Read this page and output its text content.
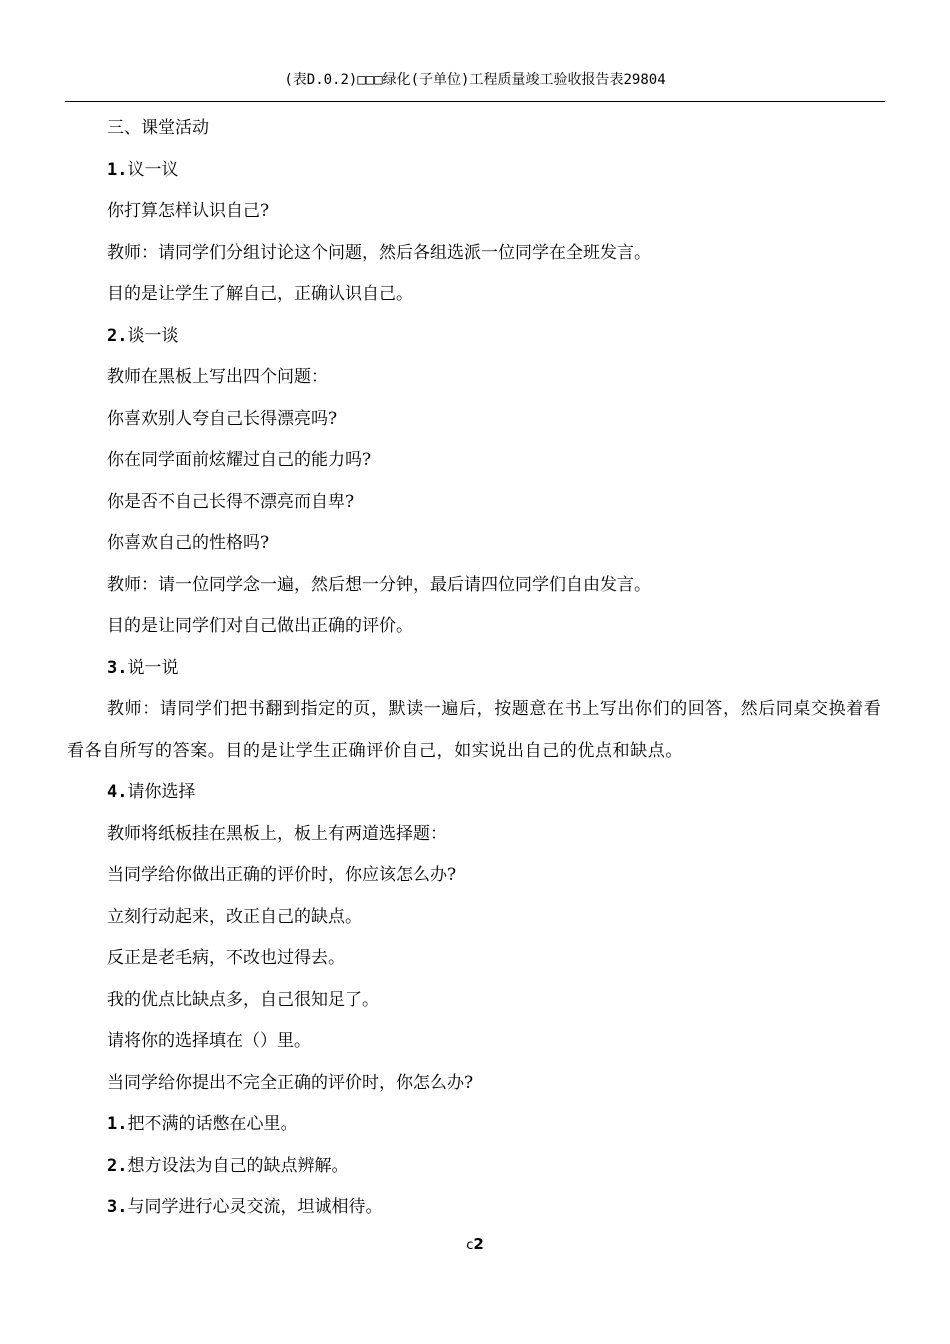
(表D.0.2)□□□绿化(子单位)工程质量竣工验收报告表29804

三、课堂活动

1.议一议

你打算怎样认识自己?

教师：请同学们分组讨论这个问题，然后各组选派一位同学在全班发言。

目的是让学生了解自己，正确认识自己。

2.谈一谈

教师在黑板上写出四个问题：

你喜欢别人夸自己长得漂亮吗?

你在同学面前炫耀过自己的能力吗?

你是否不自己长得不漂亮而自卑?

你喜欢自己的性格吗?

教师：请一位同学念一遍，然后想一分钟，最后请四位同学们自由发言。

目的是让同学们对自己做出正确的评价。

3.说一说

教师：请同学们把书翻到指定的页，默读一遍后，按题意在书上写出你们的回答，然后同桌交换着看看各自所写的答案。目的是让学生正确评价自己，如实说出自己的优点和缺点。

4.请你选择

教师将纸板挂在黑板上，板上有两道选择题：

当同学给你做出正确的评价时，你应该怎么办?

立刻行动起来，改正自己的缺点。

反正是老毛病，不改也过得去。

我的优点比缺点多，自己很知足了。

请将你的选择填在（）里。

当同学给你提出不完全正确的评价时，你怎么办?

1.把不满的话憋在心里。

2.想方设法为自己的缺点辨解。

3.与同学进行心灵交流，坦诚相待。

c2
